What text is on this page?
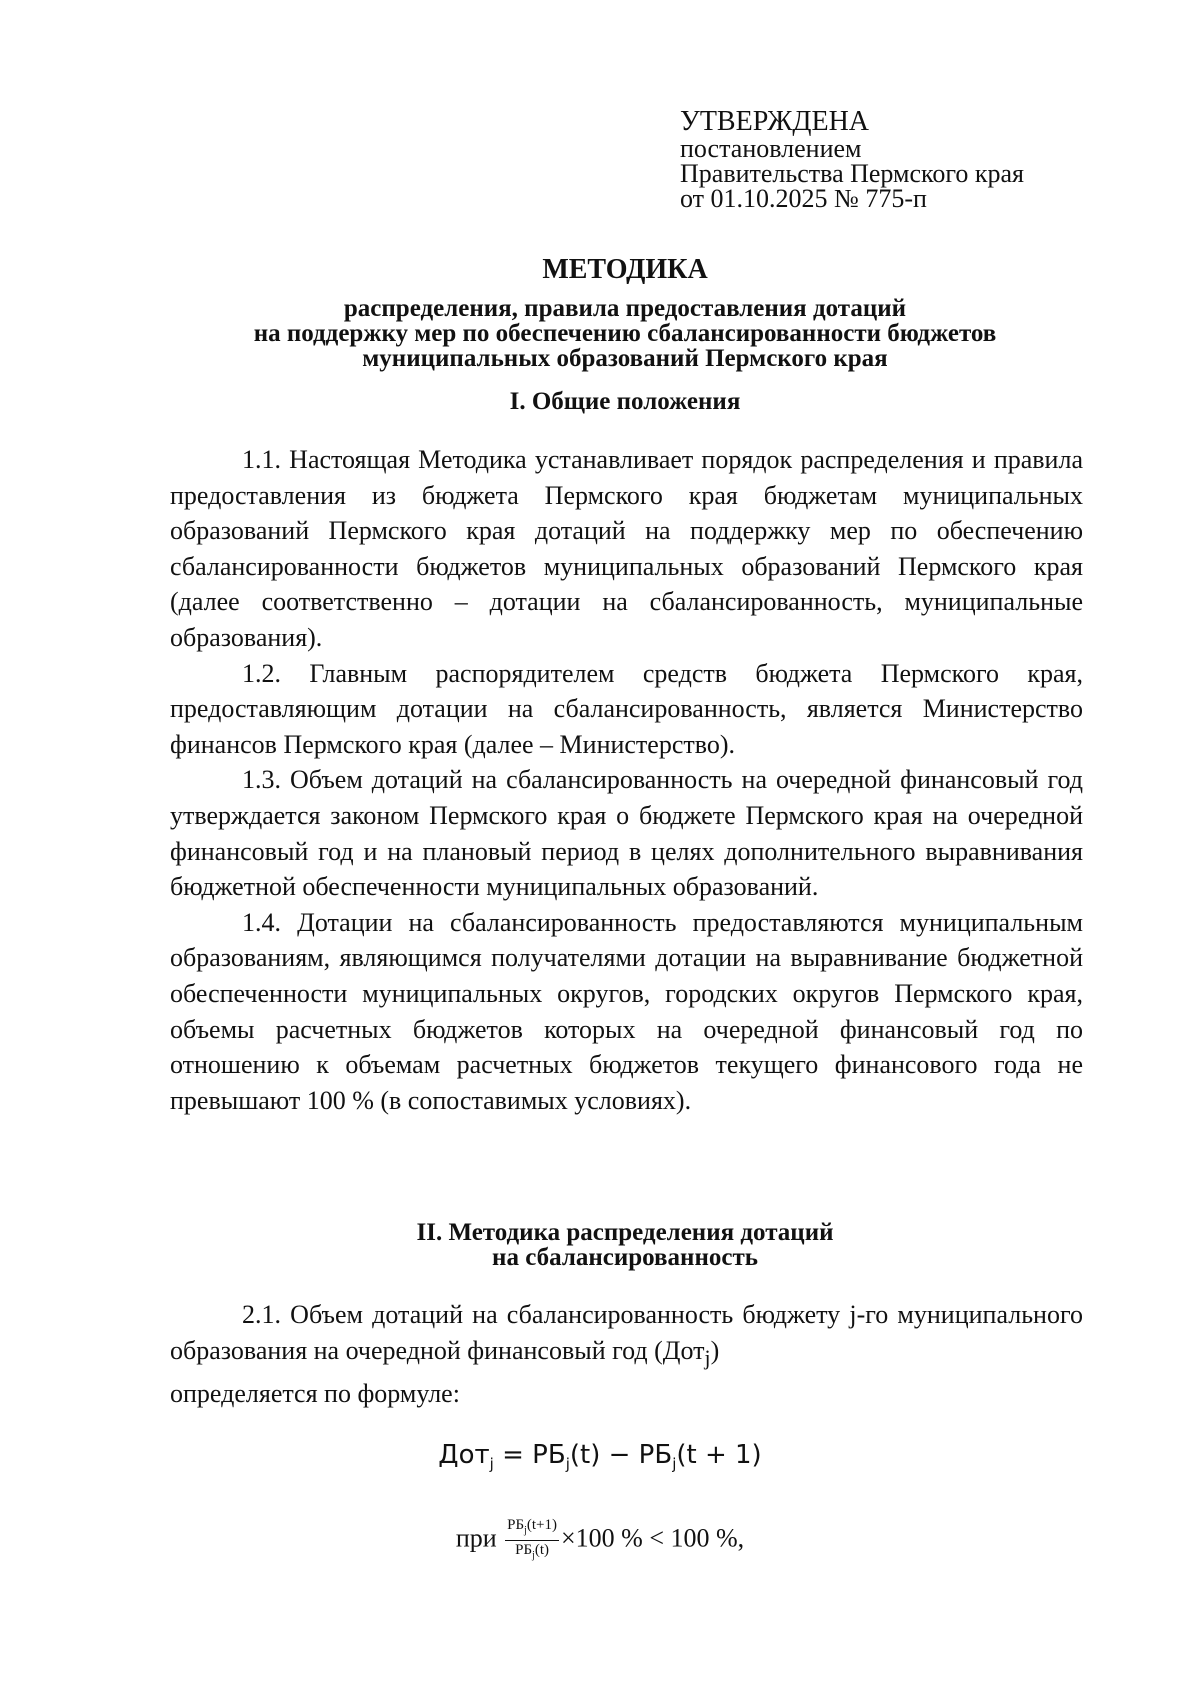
УТВЕРЖДЕНА
постановлением
Правительства Пермского края
от 01.10.2025 № 775-п
МЕТОДИКА
распределения, правила предоставления дотаций
на поддержку мер по обеспечению сбалансированности бюджетов
муниципальных образований Пермского края
I. Общие положения

1.1. Настоящая Методика устанавливает порядок распределения и правила предоставления из бюджета Пермского края бюджетам муниципальных образований Пермского края дотаций на поддержку мер по обеспечению сбалансированности бюджетов муниципальных образований Пермского края (далее соответственно – дотации на сбалансированность, муниципальные образования).

1.2. Главным распорядителем средств бюджета Пермского края, предоставляющим дотации на сбалансированность, является Министерство финансов Пермского края (далее – Министерство).

1.3. Объем дотаций на сбалансированность на очередной финансовый год утверждается законом Пермского края о бюджете Пермского края на очередной финансовый год и на плановый период в целях дополнительного выравнивания бюджетной обеспеченности муниципальных образований.

1.4. Дотации на сбалансированность предоставляются муниципальным образованиям, являющимся получателями дотации на выравнивание бюджетной обеспеченности муниципальных округов, городских округов Пермского края, объемы расчетных бюджетов которых на очередной финансовый год по отношению к объемам расчетных бюджетов текущего финансового года не превышают 100 % (в сопоставимых условиях).

II. Методика распределения дотаций
на сбалансированность

2.1. Объем дотаций на сбалансированность бюджету j-го муниципального образования на очередной финансовый год (Дот$_j$)

определяется по формуле:
$Дот_j = РБ_j(t) - РБ_j(t + 1)$
при $\frac{РБ_j(t+1)}{РБ_j(t)} \times 100$ % < 100 %,
